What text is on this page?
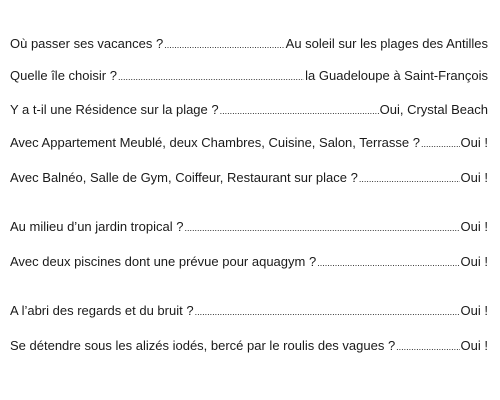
Où passer ses vacances ? .....	Au soleil sur les plages des Antilles
Quelle île choisir ? .....	la Guadeloupe à Saint-François
Y a t-il une Résidence sur la plage ? .....	Oui, Crystal Beach
Avec Appartement Meublé, deux Chambres, Cuisine, Salon, Terrasse ? .....	Oui !
Avec Balnéo, Salle de Gym, Coiffeur, Restaurant sur place ? .....	Oui !
Au milieu d’un jardin tropical ? .....	Oui !
Avec deux piscines dont une prévue pour aquagym ? .....	Oui !
A l’abri des regards et du bruit ? .....	Oui !
Se détendre sous les alizés iodés, bercé par le roulis des vagues ? .....	Oui !
